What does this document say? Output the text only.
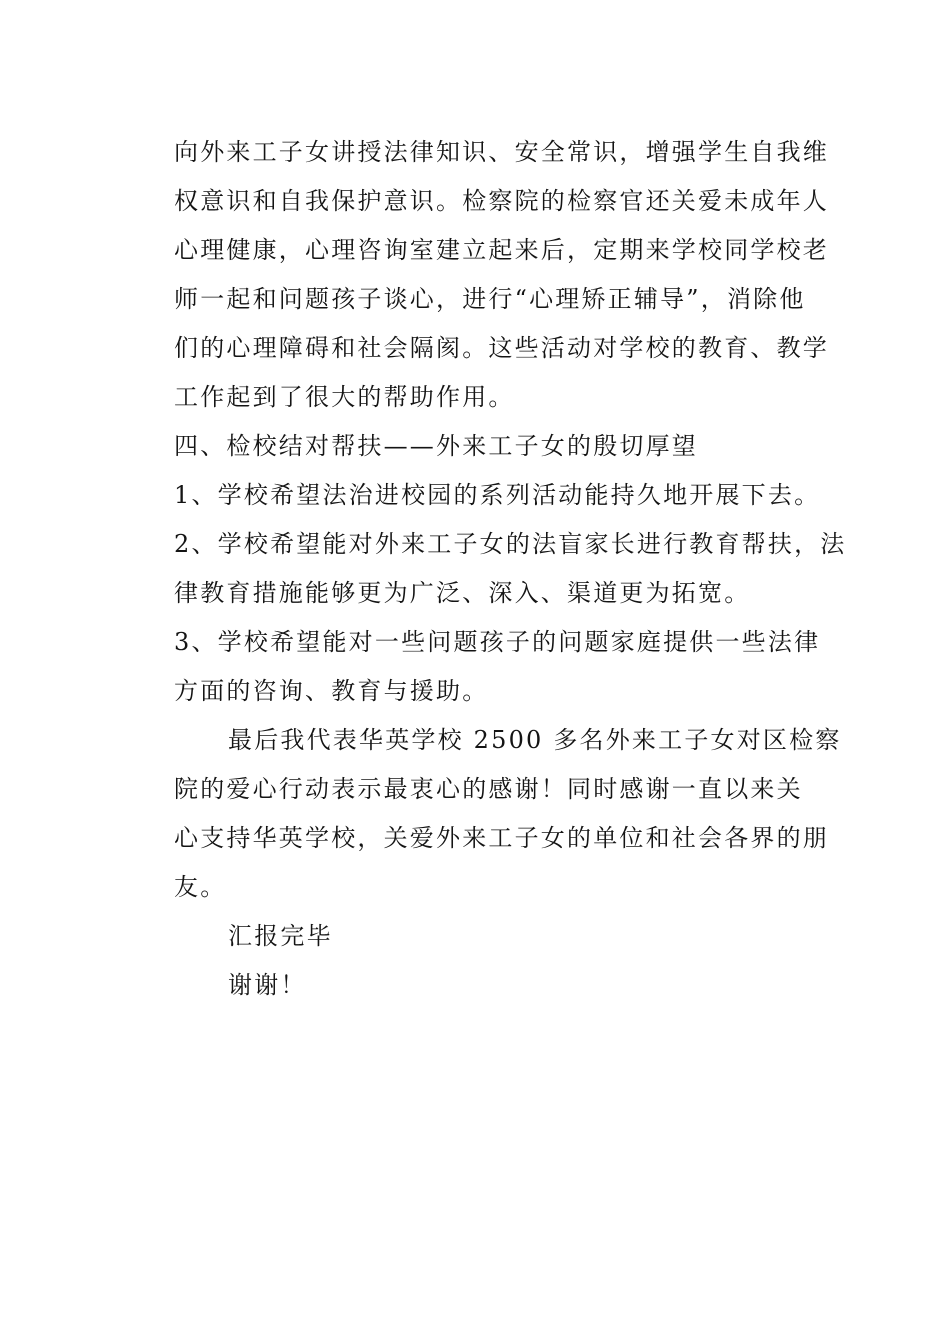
向外来工子女讲授法律知识、安全常识，增强学生自我维
权意识和自我保护意识。检察院的检察官还关爱未成年人
心理健康，心理咨询室建立起来后，定期来学校同学校老
师一起和问题孩子谈心，进行“心理矫正辅导”，消除他
们的心理障碍和社会隔阂。这些活动对学校的教育、教学
工作起到了很大的帮助作用。
四、检校结对帮扶——外来工子女的殷切厚望
1、学校希望法治进校园的系列活动能持久地开展下去。
2、学校希望能对外来工子女的法盲家长进行教育帮扶，法
律教育措施能够更为广泛、深入、渠道更为拓宽。
3、学校希望能对一些问题孩子的问题家庭提供一些法律
方面的咨询、教育与援助。
最后我代表华英学校 2500 多名外来工子女对区检察
院的爱心行动表示最衷心的感谢！同时感谢一直以来关
心支持华英学校，关爱外来工子女的单位和社会各界的朋
友。
汇报完毕
谢谢！
